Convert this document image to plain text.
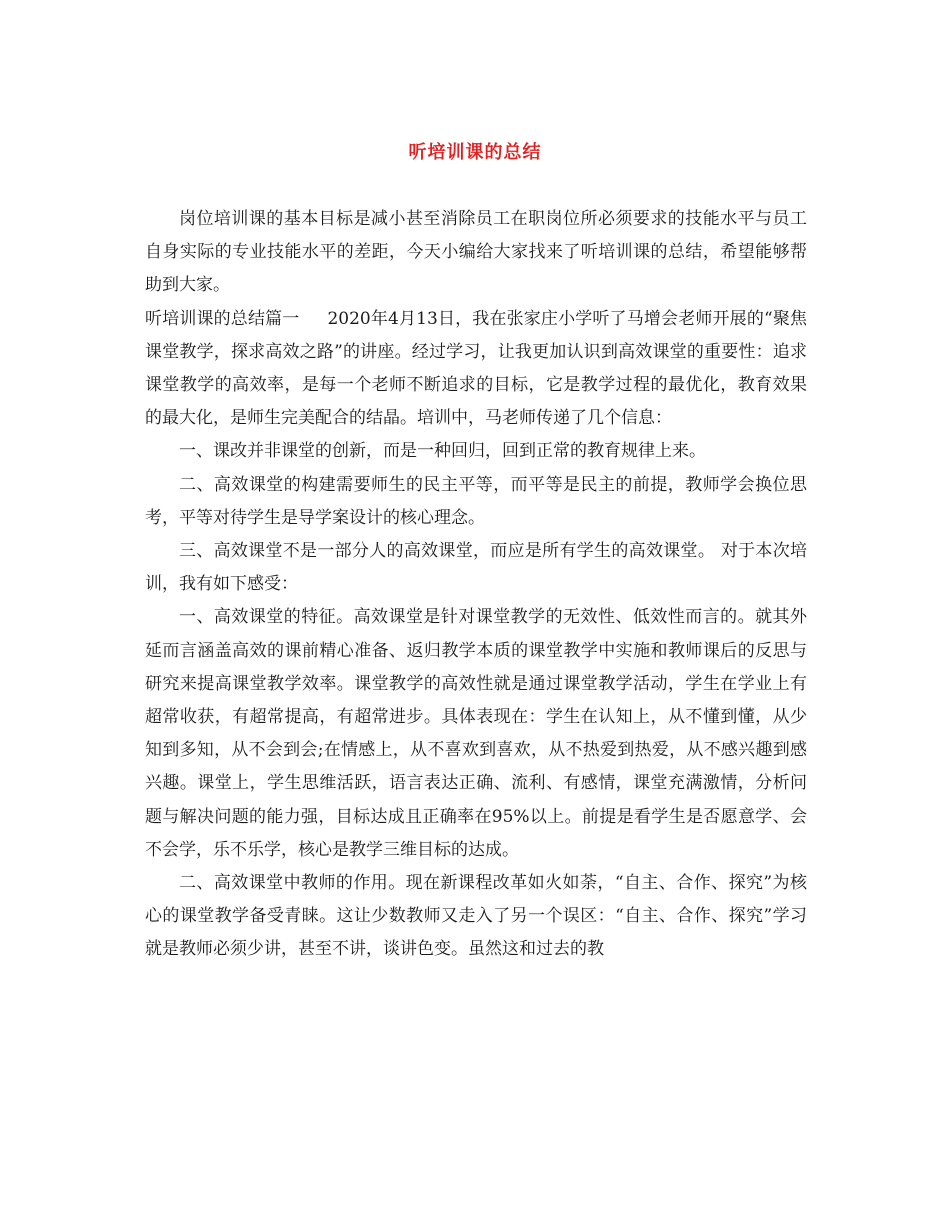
听培训课的总结

岗位培训课的基本目标是减小甚至消除员工在职岗位所必须要求的技能水平与员工自身实际的专业技能水平的差距，今天小编给大家找来了听培训课的总结，希望能够帮助到大家。

听培训课的总结篇一 2020年4月13日，我在张家庄小学听了马增会老师开展的“聚焦课堂教学，探求高效之路”的讲座。经过学习，让我更加认识到高效课堂的重要性：追求课堂教学的高效率，是每一个老师不断追求的目标，它是教学过程的最优化，教育效果的最大化，是师生完美配合的结晶。培训中，马老师传递了几个信息：

一、课改并非课堂的创新，而是一种回归，回到正常的教育规律上来。

二、高效课堂的构建需要师生的民主平等，而平等是民主的前提，教师学会换位思考，平等对待学生是导学案设计的核心理念。

三、高效课堂不是一部分人的高效课堂，而应是所有学生的高效课堂。 对于本次培训，我有如下感受：

一、高效课堂的特征。高效课堂是针对课堂教学的无效性、低效性而言的。就其外延而言涵盖高效的课前精心准备、返归教学本质的课堂教学中实施和教师课后的反思与研究来提高课堂教学效率。课堂教学的高效性就是通过课堂教学活动，学生在学业上有超常收获，有超常提高，有超常进步。具体表现在：学生在认知上，从不懂到懂，从少知到多知，从不会到会;在情感上，从不喜欢到喜欢，从不热爱到热爱，从不感兴趣到感兴趣。课堂上，学生思维活跃，语言表达正确、流利、有感情，课堂充满激情，分析问题与解决问题的能力强，目标达成且正确率在95%以上。前提是看学生是否愿意学、会不会学，乐不乐学，核心是教学三维目标的达成。

二、高效课堂中教师的作用。现在新课程改革如火如荼，“自主、合作、探究”为核心的课堂教学备受青睐。这让少数教师又走入了另一个误区：“自主、合作、探究”学习就是教师必须少讲，甚至不讲，谈讲色变。虽然这和过去的教
